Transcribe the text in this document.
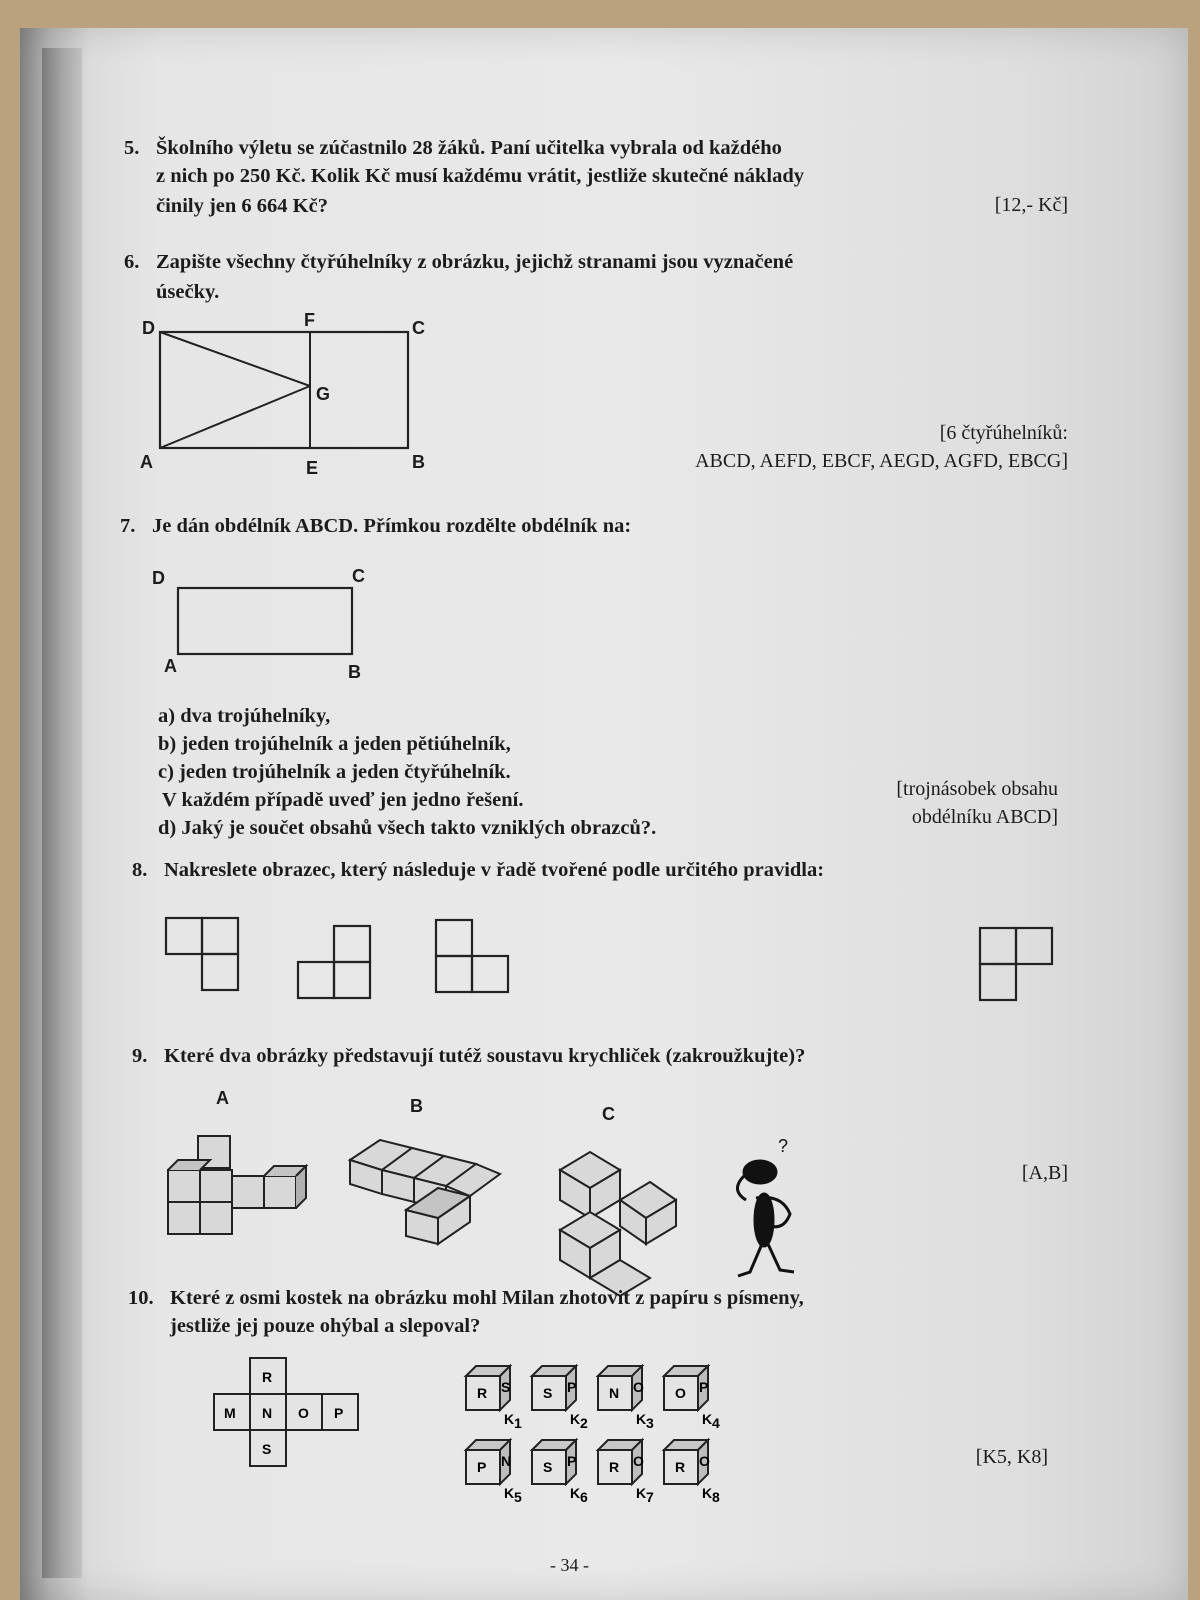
5. Školního výletu se zúčastnilo 28 žáků. Paní učitelka vybrala od každého
z nich po 250 Kč. Kolik Kč musí každému vrátit, jestliže skutečné náklady
činily jen 6 664 Kč?	[12,- Kč]
6. Zapište všechny čtyřúhelníky z obrázku, jejichž stranami jsou vyznačené
úsečky.
D	F	C
G
A	E	B
[6 čtyřúhelníků:
ABCD, AEFD, EBCF, AEGD, AGFD, EBCG]
7. Je dán obdélník ABCD. Přímkou rozdělte obdélník na:
D	C
A	B
a) dva trojúhelníky,
b) jeden trojúhelník a jeden pětiúhelník,
c) jeden trojúhelník a jeden čtyřúhelník.
V každém případě uveď jen jedno řešení.
d) Jaký je součet obsahů všech takto vzniklých obrazců?.
[trojnásobek obsahu
obdélníku ABCD]
8. Nakreslete obrazec, který následuje v řadě tvořené podle určitého pravidla:
9. Které dva obrázky představují tutéž soustavu krychliček (zakroužkujte)?
A	B	C
?
[A,B]
10. Které z osmi kostek na obrázku mohl Milan zhotovit z papíru s písmeny,
jestliže jej pouze ohýbal a slepoval?
R
M N O P
S
R S
K 1
S P
K 2
N O
K 3
O P
K 4
P N
K 5
S P
K 6
R O
K 7
R O
K 8
[K5, K8]
- 34 -
